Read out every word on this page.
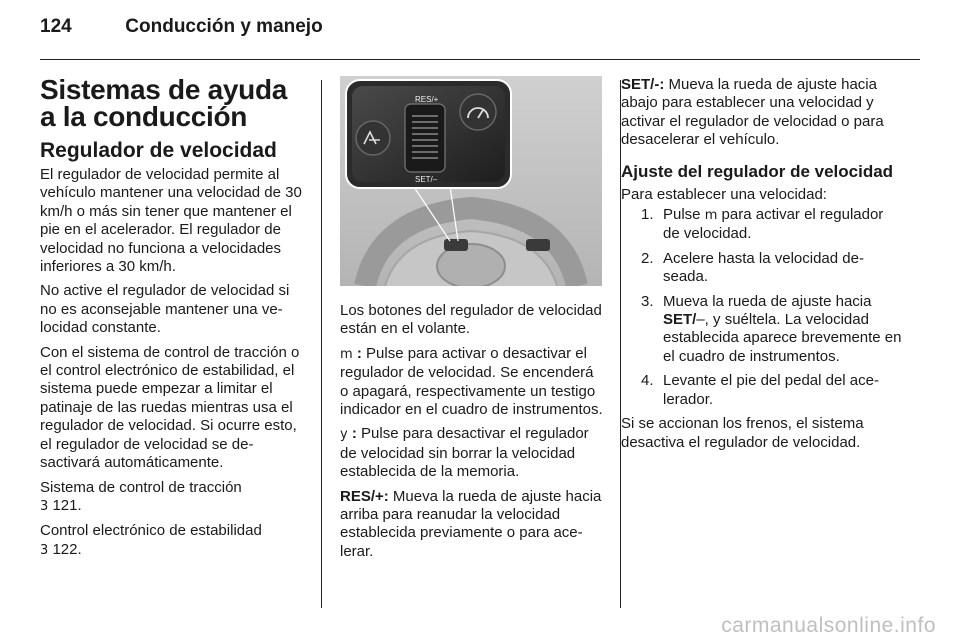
124	Conducción y manejo
Sistemas de ayuda a la conducción
Regulador de velocidad

El regulador de velocidad permite al vehículo mantener una velocidad de 30 km/h o más sin tener que mantener el pie en el acelerador. El regulador de velocidad no funciona a velocidades inferiores a 30 km/h.

No active el regulador de velocidad si no es aconsejable mantener una velocidad constante.

Con el sistema de control de tracción o el control electrónico de estabilidad, el sistema puede empezar a limitar el patinaje de las ruedas mientras usa el regulador de velocidad. Si ocurre esto, el regulador de velocidad se desactivará automáticamente.

Sistema de control de tracción
3 121.

Control electrónico de estabilidad
3 122.

RES/+
SET/–

Los botones del regulador de velocidad están en el volante.

m : Pulse para activar o desactivar el regulador de velocidad. Se encenderá o apagará, respectivamente un testigo indicador en el cuadro de instrumentos.

y : Pulse para desactivar el regulador de velocidad sin borrar la velocidad establecida de la memoria.

RES/+: Mueva la rueda de ajuste hacia arriba para reanudar la velocidad establecida previamente o para acelerar.

SET/-: Mueva la rueda de ajuste hacia abajo para establecer una velocidad y activar el regulador de velocidad o para desacelerar el vehículo.

Ajuste del regulador de velocidad

Para establecer una velocidad:

1. Pulse m para activar el regulador de velocidad.
2. Acelere hasta la velocidad deseada.
3. Mueva la rueda de ajuste hacia SET/–, y suéltela. La velocidad establecida aparece brevemente en el cuadro de instrumentos.
4. Levante el pie del pedal del acelerador.

Si se accionan los frenos, el sistema desactiva el regulador de velocidad.

carmanualsonline.info
